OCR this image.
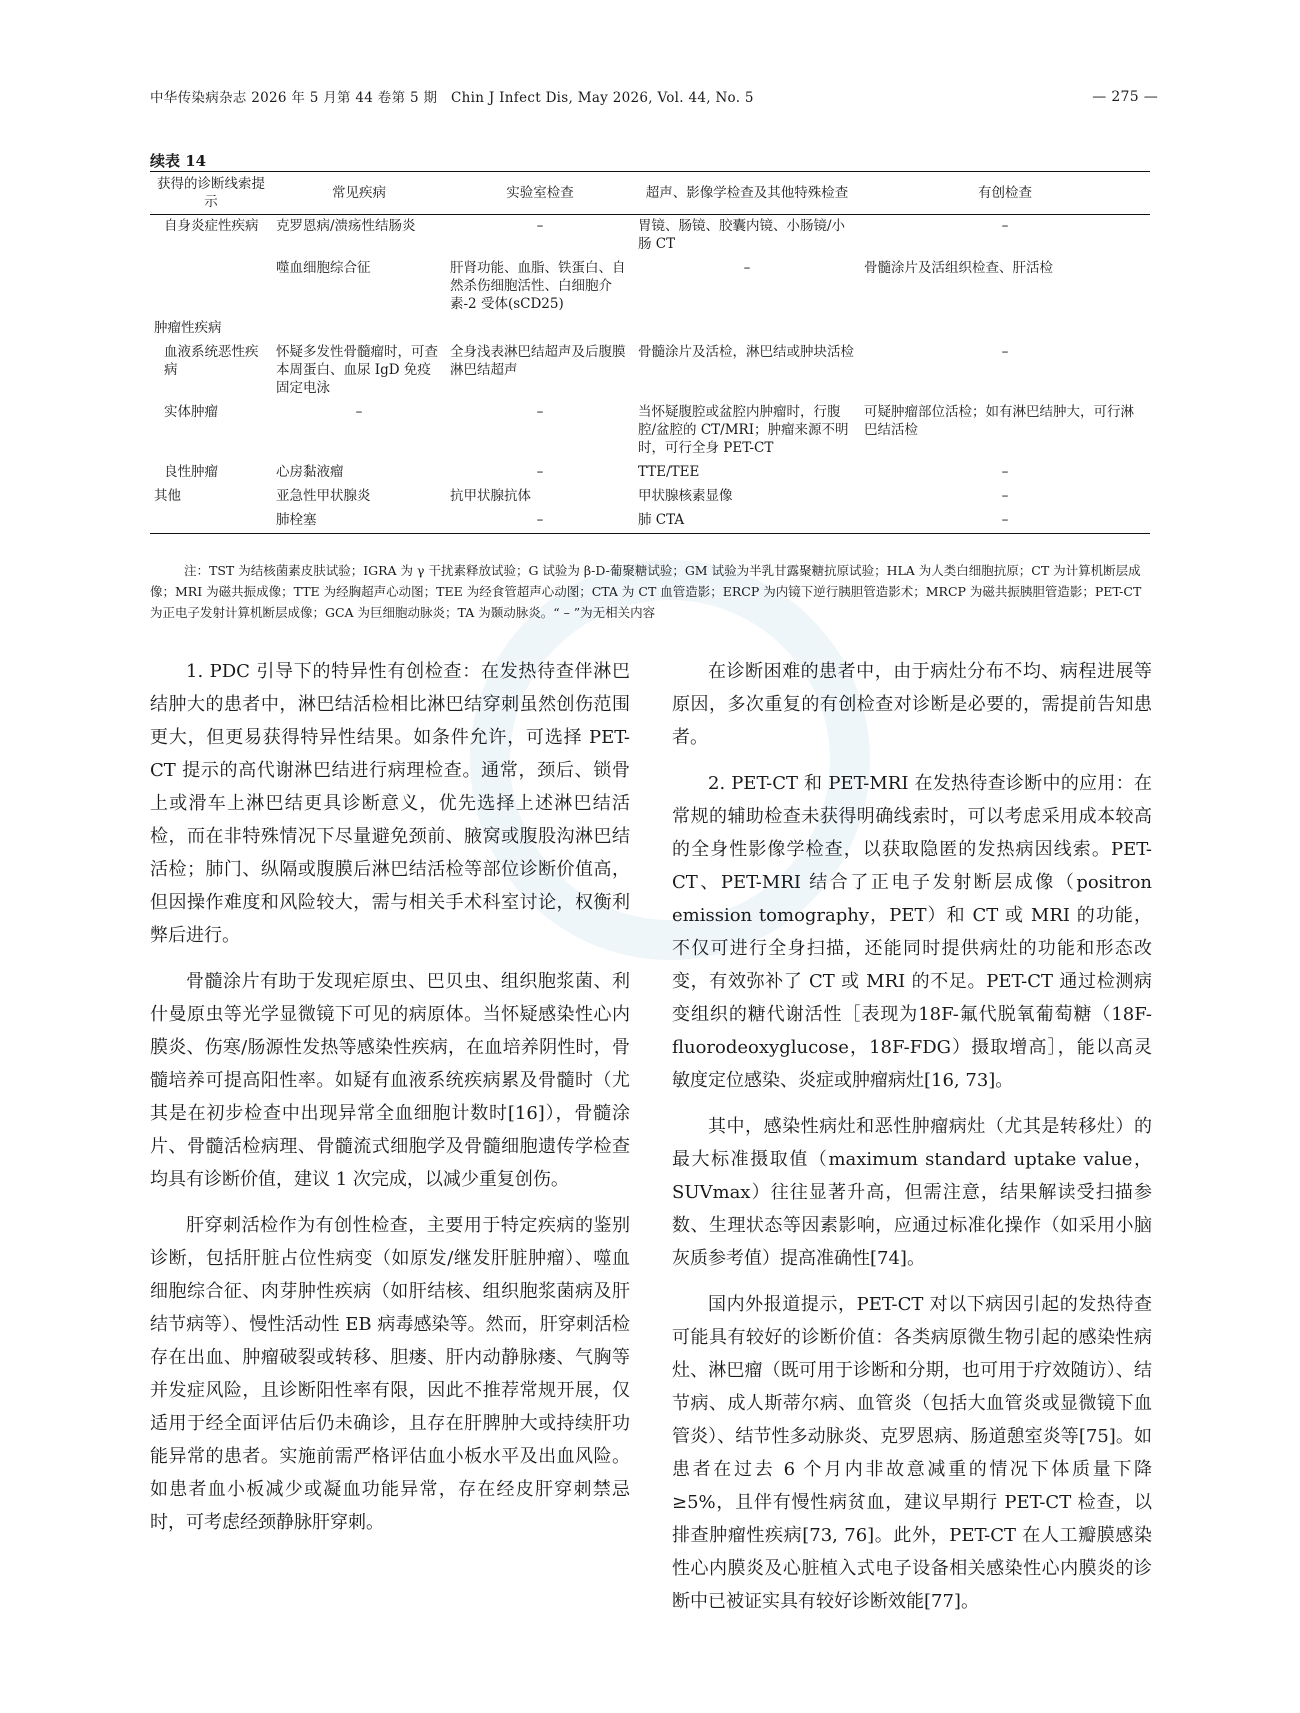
中华传染病杂志 2026 年 5 月第 44 卷第 5 期　Chin J Infect Dis, May 2026, Vol. 44, No. 5	— 275 —
续表 14
获得的诊断线索提示	常见疾病	实验室检查	超声、影像学检查及其他特殊检查	有创检查
自身炎症性疾病	克罗恩病/溃疡性结肠炎	–	胃镜、肠镜、胶囊内镜、小肠镜/小肠 CT	–
	噬血细胞综合征	肝肾功能、血脂、铁蛋白、自然杀伤细胞活性、白细胞介素-2 受体(sCD25)	–	骨髓涂片及活组织检查、肝活检
肿瘤性疾病				
血液系统恶性疾病	怀疑多发性骨髓瘤时，可查本周蛋白、血尿 IgD 免疫固定电泳	全身浅表淋巴结超声及后腹膜淋巴结超声	骨髓涂片及活检，淋巴结或肿块活检	–
实体肿瘤	–	–	当怀疑腹腔或盆腔内肿瘤时，行腹腔/盆腔的 CT/MRI；肿瘤来源不明时，可行全身 PET-CT	可疑肿瘤部位活检；如有淋巴结肿大，可行淋巴结活检
良性肿瘤	心房黏液瘤	–	TTE/TEE	–
其他	亚急性甲状腺炎	抗甲状腺抗体	甲状腺核素显像	–
	肺栓塞	–	肺 CTA	–
注：TST 为结核菌素皮肤试验；IGRA 为 γ 干扰素释放试验；G 试验为 β-D-葡聚糖试验；GM 试验为半乳甘露聚糖抗原试验；HLA 为人类白细胞抗原；CT 为计算机断层成像；MRI 为磁共振成像；TTE 为经胸超声心动图；TEE 为经食管超声心动图；CTA 为 CT 血管造影；ERCP 为内镜下逆行胰胆管造影术；MRCP 为磁共振胰胆管造影；PET-CT 为正电子发射计算机断层成像；GCA 为巨细胞动脉炎；TA 为颞动脉炎。“ – ”为无相关内容

1. PDC 引导下的特异性有创检查：在发热待查伴淋巴结肿大的患者中，淋巴结活检相比淋巴结穿刺虽然创伤范围更大，但更易获得特异性结果。如条件允许，可选择 PET-CT 提示的高代谢淋巴结进行病理检查。通常，颈后、锁骨上或滑车上淋巴结更具诊断意义，优先选择上述淋巴结活检，而在非特殊情况下尽量避免颈前、腋窝或腹股沟淋巴结活检；肺门、纵隔或腹膜后淋巴结活检等部位诊断价值高，但因操作难度和风险较大，需与相关手术科室讨论，权衡利弊后进行。

骨髓涂片有助于发现疟原虫、巴贝虫、组织胞浆菌、利什曼原虫等光学显微镜下可见的病原体。当怀疑感染性心内膜炎、伤寒/肠源性发热等感染性疾病，在血培养阴性时，骨髓培养可提高阳性率。如疑有血液系统疾病累及骨髓时（尤其是在初步检查中出现异常全血细胞计数时[16]），骨髓涂片、骨髓活检病理、骨髓流式细胞学及骨髓细胞遗传学检查均具有诊断价值，建议 1 次完成，以减少重复创伤。

肝穿刺活检作为有创性检查，主要用于特定疾病的鉴别诊断，包括肝脏占位性病变（如原发/继发肝脏肿瘤）、噬血细胞综合征、肉芽肿性疾病（如肝结核、组织胞浆菌病及肝结节病等）、慢性活动性 EB 病毒感染等。然而，肝穿刺活检存在出血、肿瘤破裂或转移、胆瘘、肝内动静脉瘘、气胸等并发症风险，且诊断阳性率有限，因此不推荐常规开展，仅适用于经全面评估后仍未确诊，且存在肝脾肿大或持续肝功能异常的患者。实施前需严格评估血小板水平及出血风险。如患者血小板减少或凝血功能异常，存在经皮肝穿刺禁忌时，可考虑经颈静脉肝穿刺。

在诊断困难的患者中，由于病灶分布不均、病程进展等原因，多次重复的有创检查对诊断是必要的，需提前告知患者。

2. PET-CT 和 PET-MRI 在发热待查诊断中的应用：在常规的辅助检查未获得明确线索时，可以考虑采用成本较高的全身性影像学检查，以获取隐匿的发热病因线索。PET-CT、PET-MRI 结合了正电子发射断层成像（positron emission tomography，PET）和 CT 或 MRI 的功能，不仅可进行全身扫描，还能同时提供病灶的功能和形态改变，有效弥补了 CT 或 MRI 的不足。PET-CT 通过检测病变组织的糖代谢活性［表现为18F-氟代脱氧葡萄糖（18F-fluorodeoxyglucose，18F-FDG）摄取增高］，能以高灵敏度定位感染、炎症或肿瘤病灶[16, 73]。

其中，感染性病灶和恶性肿瘤病灶（尤其是转移灶）的最大标准摄取值（maximum standard uptake value，SUVmax）往往显著升高，但需注意，结果解读受扫描参数、生理状态等因素影响，应通过标准化操作（如采用小脑灰质参考值）提高准确性[74]。

国内外报道提示，PET-CT 对以下病因引起的发热待查可能具有较好的诊断价值：各类病原微生物引起的感染性病灶、淋巴瘤（既可用于诊断和分期，也可用于疗效随访）、结节病、成人斯蒂尔病、血管炎（包括大血管炎或显微镜下血管炎）、结节性多动脉炎、克罗恩病、肠道憩室炎等[75]。如患者在过去 6 个月内非故意减重的情况下体质量下降≥5%，且伴有慢性病贫血，建议早期行 PET-CT 检查，以排查肿瘤性疾病[73, 76]。此外，PET-CT 在人工瓣膜感染性心内膜炎及心脏植入式电子设备相关感染性心内膜炎的诊断中已被证实具有较好诊断效能[77]。
